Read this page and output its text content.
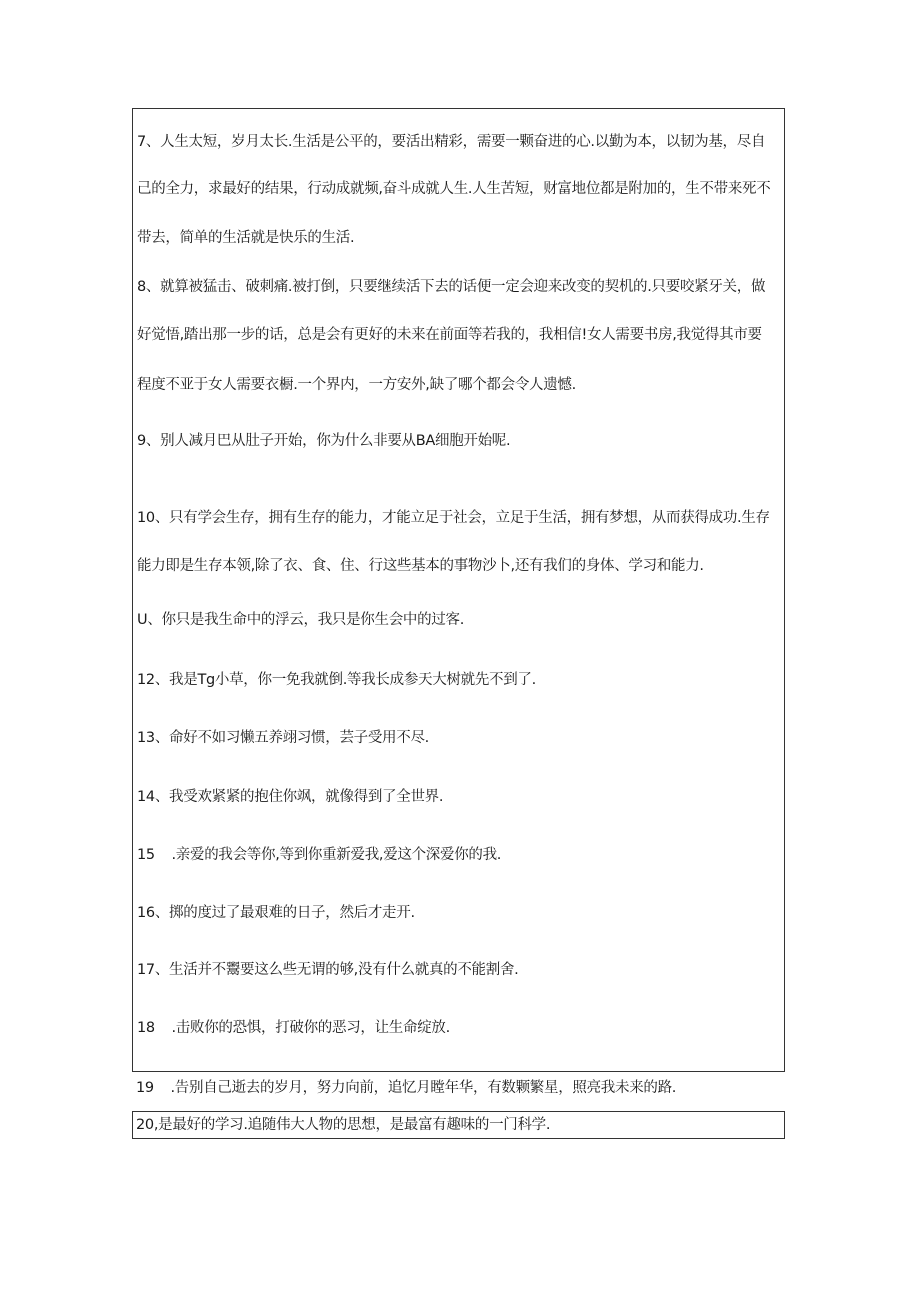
7、人生太短，岁月太长.生活是公平的，要活出精彩，需要一颗奋进的心.以勤为本，以韧为基，尽自

己的全力，求最好的结果，行动成就频,奋斗成就人生.人生苦短，财富地位都是附加的，生不带来死不

带去，简单的生活就是快乐的生活.

8、就算被猛击、破刺痛.被打倒，只要继续活下去的话便一定会迎来改变的契机的.只要咬紧牙关，做

好觉悟,踏出那一步的话，总是会有更好的未来在前面等若我的，我相信!女人需要书房,我觉得其市要

程度不亚于女人需要衣橱.一个界内，一方安外,缺了哪个都会令人遗憾.

9、别人减月巴从肚子开始，你为什么非要从BA细胞开始呢.

10、只有学会生存，拥有生存的能力，才能立足于社会，立足于生活，拥有梦想，从而获得成功.生存

能力即是生存本领,除了衣、食、住、行这些基本的事物沙卜,还有我们的身体、学习和能力.

U、你只是我生命中的浮云，我只是你生会中的过客.

12、我是Tg小草，你一免我就倒.等我长成参天大树就先不到了.

13、命好不如习懒五养翊习惯，芸子受用不尽.

14、我受欢紧紧的抱住你飒，就像得到了全世界.

15	.亲爱的我会等你,等到你重新爱我,爱这个深爱你的我.

16、掷的度过了最艰难的日子，然后才走开.

17、生活并不鬻要这么些无谓的够,没有什么就真的不能割舍.

18	.击败你的恐惧，打破你的恶习，让生命绽放.

19	.告别自己逝去的岁月，努力向前，追忆月瞠年华，有数颗繁星，照亮我未来的路.

20,是最好的学习.追随伟大人物的思想，是最富有趣味的一门科学.
